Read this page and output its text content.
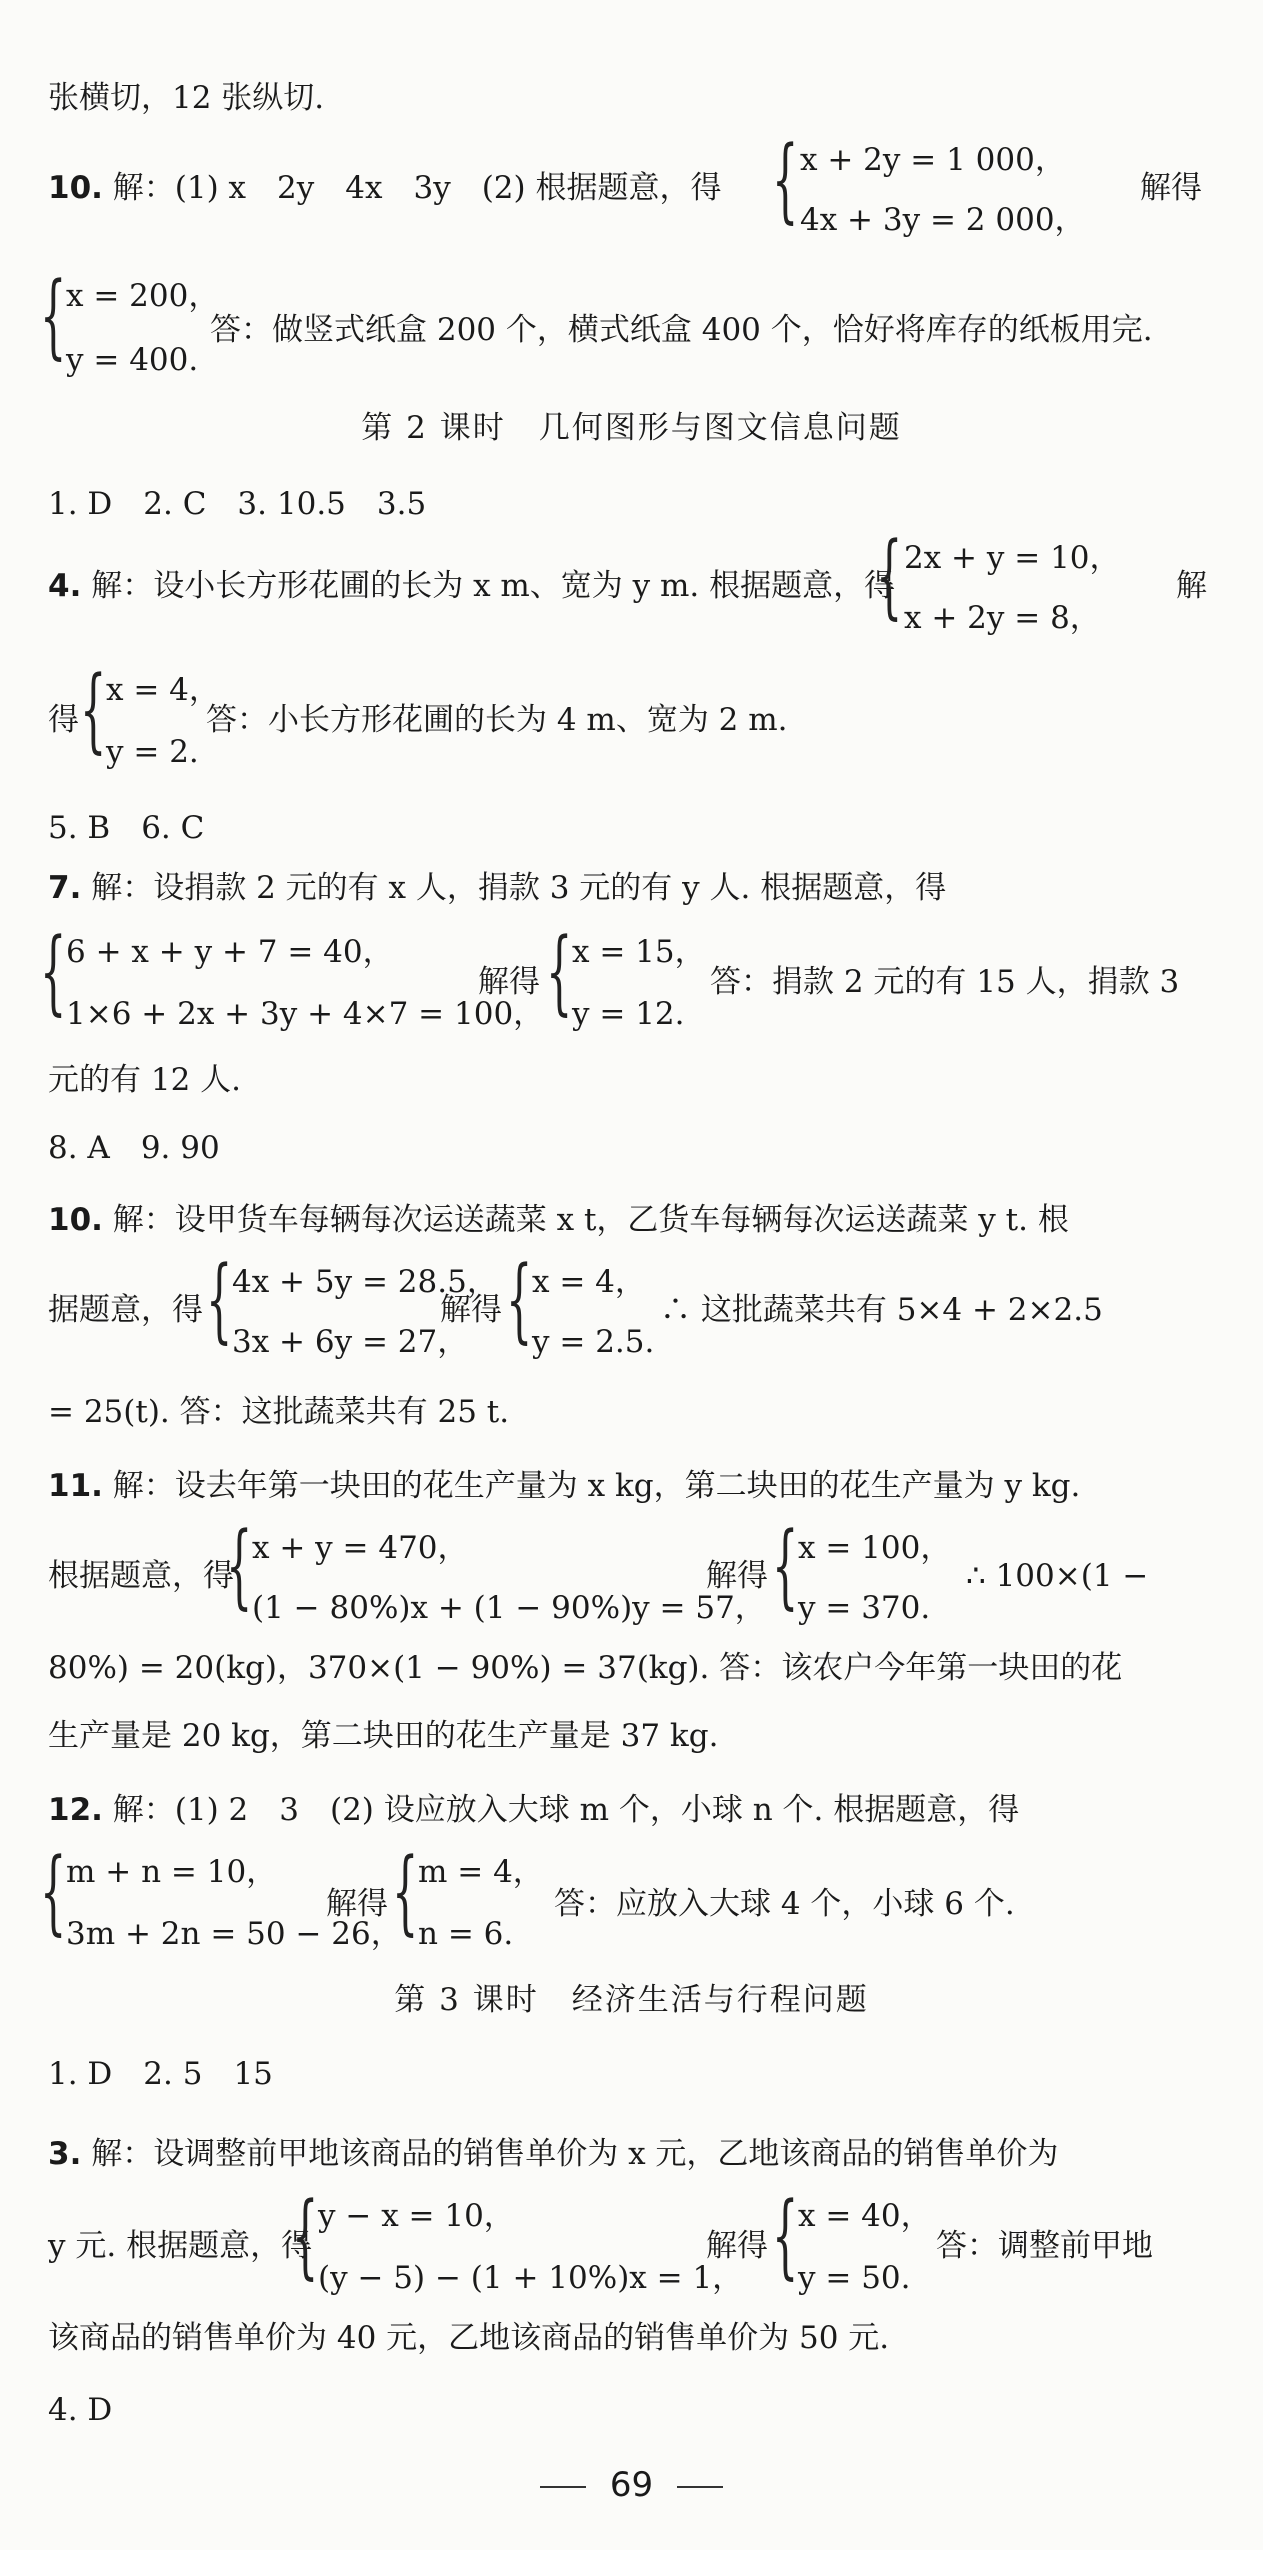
张横切，12 张纵切.
10. 解：(1) x　2y　4x　3y　(2) 根据题意，得 { x + 2y = 1 000，
4x + 3y = 2 000，
解得
{ x = 200，
y = 400.
答：做竖式纸盒 200 个，横式纸盒 400 个，恰好将库存的纸板用完.
第 2 课时　几何图形与图文信息问题
1. D　2. C　3. 10.5　3.5
4. 解：设小长方形花圃的长为 x m、宽为 y m. 根据题意，得
{ 2x + y = 10，
x + 2y = 8，
解
得 { x = 4，
y = 2.
答：小长方形花圃的长为 4 m、宽为 2 m.
5. B　6. C
7. 解：设捐款 2 元的有 x 人，捐款 3 元的有 y 人. 根据题意，得
{ 6 + x + y + 7 = 40，
1×6 + 2x + 3y + 4×7 = 100，
解得 { x = 15，
y = 12.
答：捐款 2 元的有 15 人，捐款 3
元的有 12 人.
8. A　9. 90
10. 解：设甲货车每辆每次运送蔬菜 x t，乙货车每辆每次运送蔬菜 y t. 根
据题意，得 { 4x + 5y = 28.5，
3x + 6y = 27，
解得 { x = 4，
y = 2.5.
∴ 这批蔬菜共有 5×4 + 2×2.5
= 25(t). 答：这批蔬菜共有 25 t.
11. 解：设去年第一块田的花生产量为 x kg，第二块田的花生产量为 y kg.
根据题意，得
{ x + y = 470，
(1 − 80%)x + (1 − 90%)y = 57，
解得 { x = 100，
y = 370.
∴ 100×(1 −
80%) = 20(kg)，370×(1 − 90%) = 37(kg). 答：该农户今年第一块田的花
生产量是 20 kg，第二块田的花生产量是 37 kg.
12. 解：(1) 2　3　(2) 设应放入大球 m 个，小球 n 个. 根据题意，得
{ m + n = 10，
3m + 2n = 50 − 26，
解得 { m = 4，
n = 6.
答：应放入大球 4 个，小球 6 个.
第 3 课时　经济生活与行程问题
1. D　2. 5　15
3. 解：设调整前甲地该商品的销售单价为 x 元，乙地该商品的销售单价为
y 元. 根据题意，得
{ y − x = 10，
(y − 5) − (1 + 10%)x = 1，
解得 { x = 40，
y = 50.
答：调整前甲地
该商品的销售单价为 40 元，乙地该商品的销售单价为 50 元.
4. D
69
